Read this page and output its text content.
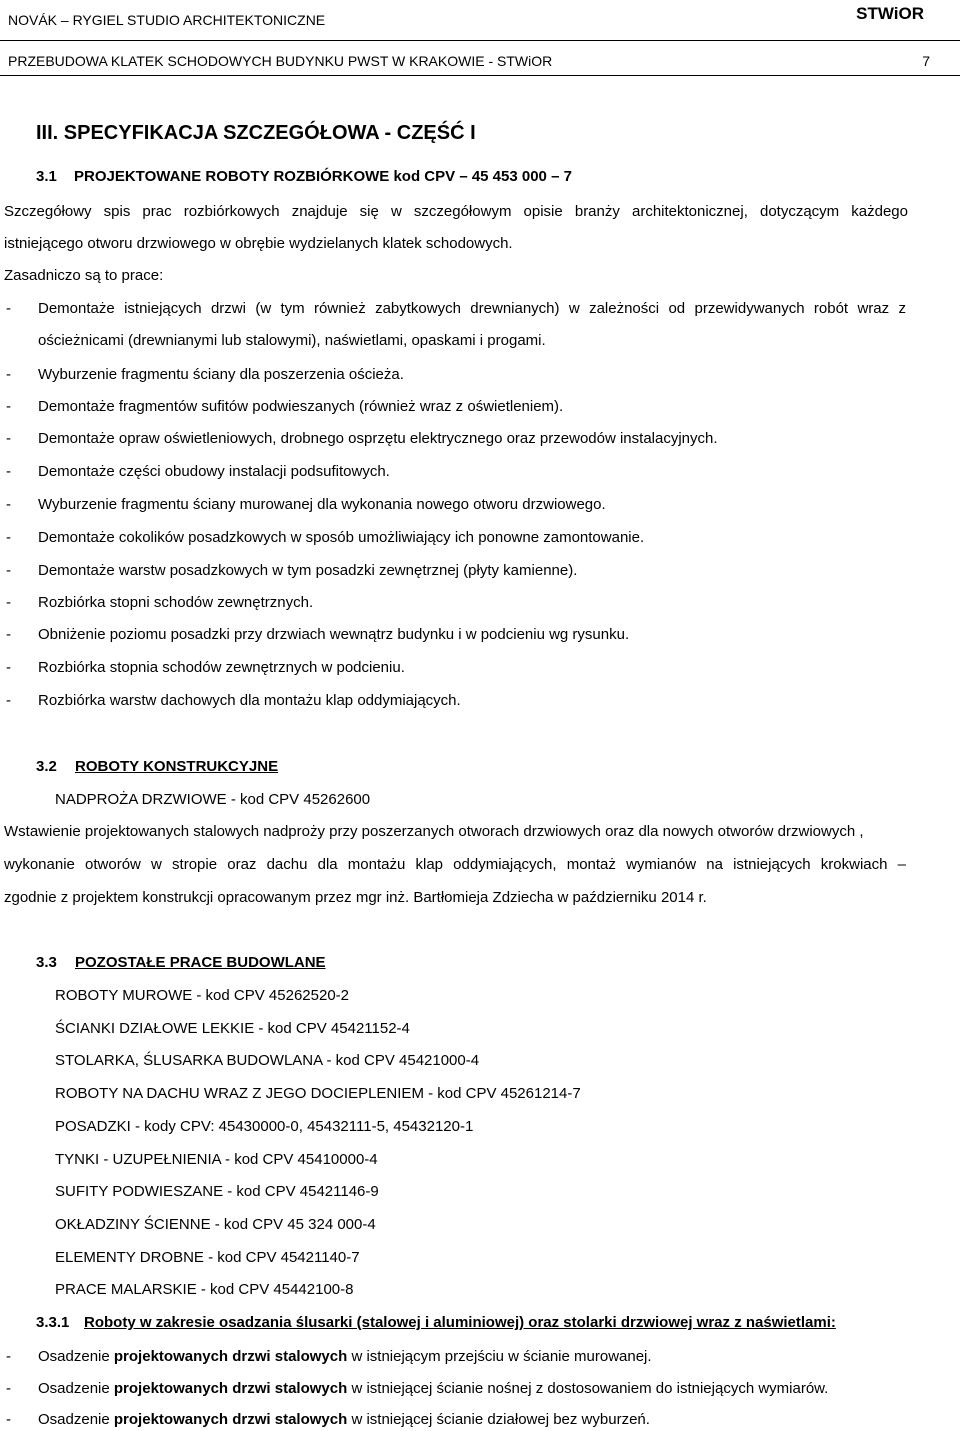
NOVÁK – RYGIEL STUDIO ARCHITEKTONICZNE	STWiOR
PRZEBUDOWA KLATEK SCHODOWYCH BUDYNKU PWST W KRAKOWIE - STWiOR	7
III. SPECYFIKACJA SZCZEGÓŁOWA - CZĘŚĆ I
3.1 PROJEKTOWANE ROBOTY ROZBIÓRKOWE kod CPV – 45 453 000 – 7
Szczegółowy spis prac rozbiórkowych znajduje się w szczegółowym opisie branży architektonicznej, dotyczącym każdego
istniejącego otworu drzwiowego w obrębie wydzielanych klatek schodowych.
Zasadniczo są to prace:
- Demontaże istniejących drzwi (w tym również zabytkowych drewnianych) w zależności od przewidywanych robót wraz z
ościeżnicami (drewnianymi lub stalowymi), naświetlami, opaskami i progami.
- Wyburzenie fragmentu ściany dla poszerzenia ościeża.
- Demontaże fragmentów sufitów podwieszanych (również wraz z oświetleniem).
- Demontaże opraw oświetleniowych, drobnego osprzętu elektrycznego oraz przewodów instalacyjnych.
- Demontaże części obudowy instalacji podsufitowych.
- Wyburzenie fragmentu ściany murowanej dla wykonania nowego otworu drzwiowego.
- Demontaże cokolików posadzkowych w sposób umożliwiający ich ponowne zamontowanie.
- Demontaże warstw posadzkowych w tym posadzki zewnętrznej (płyty kamienne).
- Rozbiórka stopni schodów zewnętrznych.
- Obniżenie poziomu posadzki przy drzwiach wewnątrz budynku i w podcieniu wg rysunku.
- Rozbiórka stopnia schodów zewnętrznych w podcieniu.
- Rozbiórka warstw dachowych dla montażu klap oddymiających.
3.2 ROBOTY KONSTRUKCYJNE
NADPROŻA DRZWIOWE - kod CPV 45262600
Wstawienie projektowanych stalowych nadproży przy poszerzanych otworach drzwiowych oraz dla nowych otworów drzwiowych ,
wykonanie otworów w stropie oraz dachu dla montażu klap oddymiających, montaż wymianów na istniejących krokwiach –
zgodnie z projektem konstrukcji opracowanym przez mgr inż. Bartłomieja Zdziecha w październiku 2014 r.
3.3 POZOSTAŁE PRACE BUDOWLANE
ROBOTY MUROWE - kod CPV 45262520-2
ŚCIANKI DZIAŁOWE LEKKIE - kod CPV 45421152-4
STOLARKA, ŚLUSARKA BUDOWLANA - kod CPV 45421000-4
ROBOTY NA DACHU WRAZ Z JEGO DOCIEPLENIEM - kod CPV 45261214-7
POSADZKI - kody CPV: 45430000-0, 45432111-5, 45432120-1
TYNKI - UZUPEŁNIENIA - kod CPV 45410000-4
SUFITY PODWIESZANE - kod CPV 45421146-9
OKŁADZINY ŚCIENNE - kod CPV 45 324 000-4
ELEMENTY DROBNE - kod CPV 45421140-7
PRACE MALARSKIE - kod CPV 45442100-8
3.3.1 Roboty w zakresie osadzania ślusarki (stalowej i aluminiowej) oraz stolarki drzwiowej wraz z naświetlami:
- Osadzenie projektowanych drzwi stalowych w istniejącym przejściu w ścianie murowanej.
- Osadzenie projektowanych drzwi stalowych w istniejącej ścianie nośnej z dostosowaniem do istniejących wymiarów.
- Osadzenie projektowanych drzwi stalowych w istniejącej ścianie działowej bez wyburzeń.
